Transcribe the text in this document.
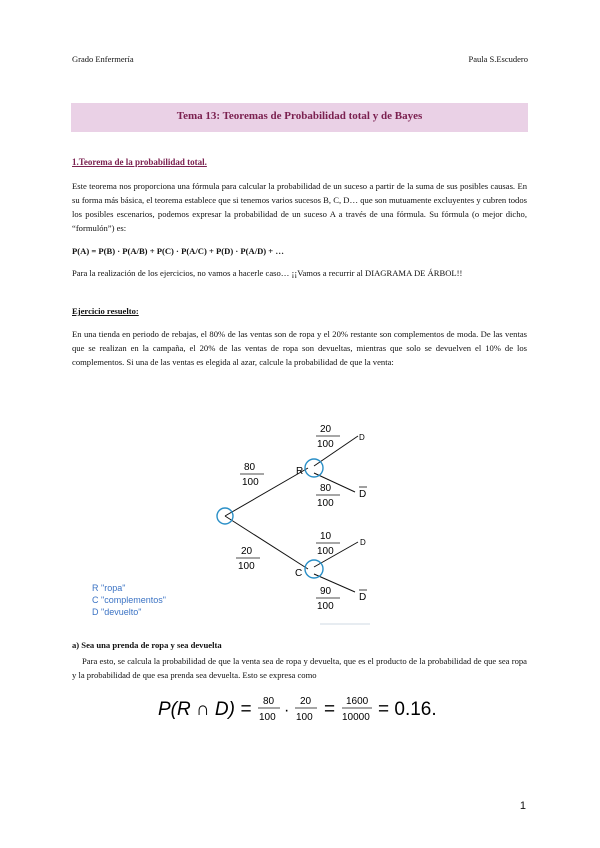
Grado Enfermería	Paula S.Escudero
Tema 13: Teoremas de Probabilidad total y de Bayes
1.Teorema de la probabilidad total.
Este teorema nos proporciona una fórmula para calcular la probabilidad de un suceso a partir de la suma de sus posibles causas. En su forma más básica, el teorema establece que si tenemos varios sucesos B, C, D… que son mutuamente excluyentes y cubren todos los posibles escenarios, podemos expresar la probabilidad de un suceso A a través de una fórmula. Su fórmula (o mejor dicho, “formulón”) es:
P(A) = P(B) · P(A/B) + P(C) · P(A/C) + P(D) · P(A/D) + …
Para la realización de los ejercicios, no vamos a hacerle caso… ¡¡Vamos a recurrir al DIAGRAMA DE ÁRBOL!!
Ejercicio resuelto:
En una tienda en periodo de rebajas, el 80% de las ventas son de ropa y el 20% restante son complementos de moda. De las ventas que se realizan en la campaña, el 20% de las ventas de ropa son devueltas, mientras que solo se devuelven el 10% de los complementos. Si una de las ventas es elegida al azar, calcule la probabilidad de que la venta:
R
C
80
100
20
100
20
100
80
100
10
100
90
100
D
D
D
D
R "ropa"
C "complementos"
D "devuelto"
a) Sea una prenda de ropa y sea devuelta
Para esto, se calcula la probabilidad de que la venta sea de ropa y devuelta, que es el producto de la probabilidad de que sea ropa y la probabilidad de que esa prenda sea devuelta. Esto se expresa como
P(R ∩ D) = 80
100 ·
20
100 = 1600
10000 = 0.16.
1
